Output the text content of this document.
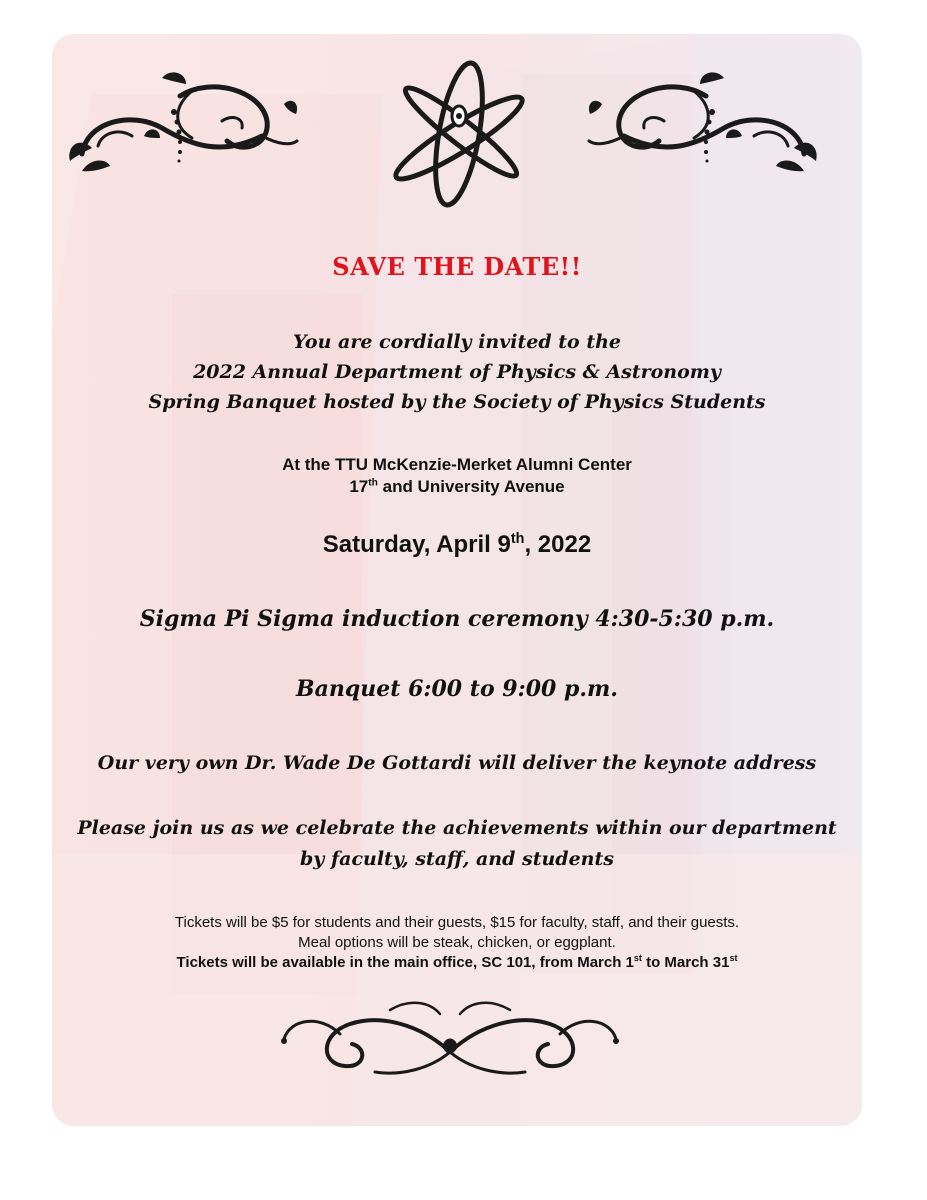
SAVE THE DATE!!
You are cordially invited to the
2022 Annual Department of Physics & Astronomy
Spring Banquet hosted by the Society of Physics Students
At the TTU McKenzie-Merket Alumni Center
17th and University Avenue
Saturday, April 9th, 2022
Sigma Pi Sigma induction ceremony 4:30-5:30 p.m.
Banquet 6:00 to 9:00 p.m.
Our very own Dr. Wade De Gottardi will deliver the keynote address
Please join us as we celebrate the achievements within our department
by faculty, staff, and students
Tickets will be $5 for students and their guests, $15 for faculty, staff, and their guests.
Meal options will be steak, chicken, or eggplant.
Tickets will be available in the main office, SC 101, from March 1st to March 31st
